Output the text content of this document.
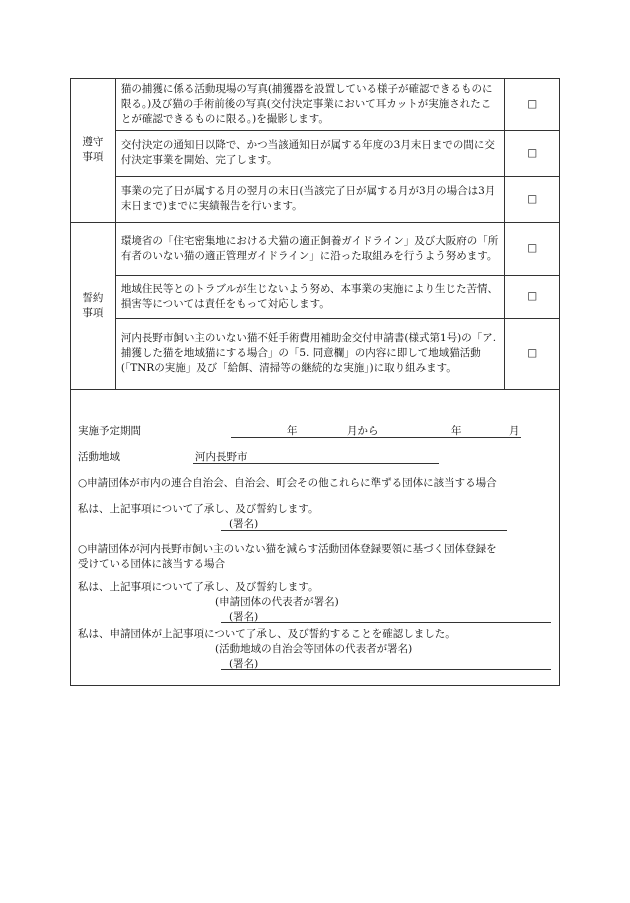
遵守事項	猫の捕獲に係る活動現場の写真(捕獲器を設置している様子が確認できるものに限る。)及び猫の手術前後の写真(交付決定事業において耳カットが実施されたことが確認できるものに限る。)を撮影します。	□
	交付決定の通知日以降で、かつ当該通知日が属する年度の3月末日までの間に交付決定事業を開始、完了します。	□
	事業の完了日が属する月の翌月の末日(当該完了日が属する月が3月の場合は3月末日まで)までに実績報告を行います。	□

誓約事項	環境省の「住宅密集地における犬猫の適正飼養ガイドライン」及び大阪府の「所有者のいない猫の適正管理ガイドライン」に沿った取組みを行うよう努めます。	□
	地域住民等とのトラブルが生じないよう努め、本事業の実施により生じた苦情、損害等については責任をもって対応します。	□
	河内長野市飼い主のいない猫不妊手術費用補助金交付申請書(様式第1号)の「ア. 捕獲した猫を地域猫にする場合」の「5. 同意欄」の内容に即して地域猫活動(「TNRの実施」及び「給餌、清掃等の継続的な実施」)に取り組みます。	□
実施予定期間	年	月から	年	月
活動地域	河内長野市
○申請団体が市内の連合自治会、自治会、町会その他これらに準ずる団体に該当する場合
私は、上記事項について了承し、及び誓約します。
(署名)
○申請団体が河内長野市飼い主のいない猫を減らす活動団体登録要領に基づく団体登録を
受けている団体に該当する場合
私は、上記事項について了承し、及び誓約します。
(申請団体の代表者が署名)
(署名)
私は、申請団体が上記事項について了承し、及び誓約することを確認しました。
(活動地域の自治会等団体の代表者が署名)
(署名)
